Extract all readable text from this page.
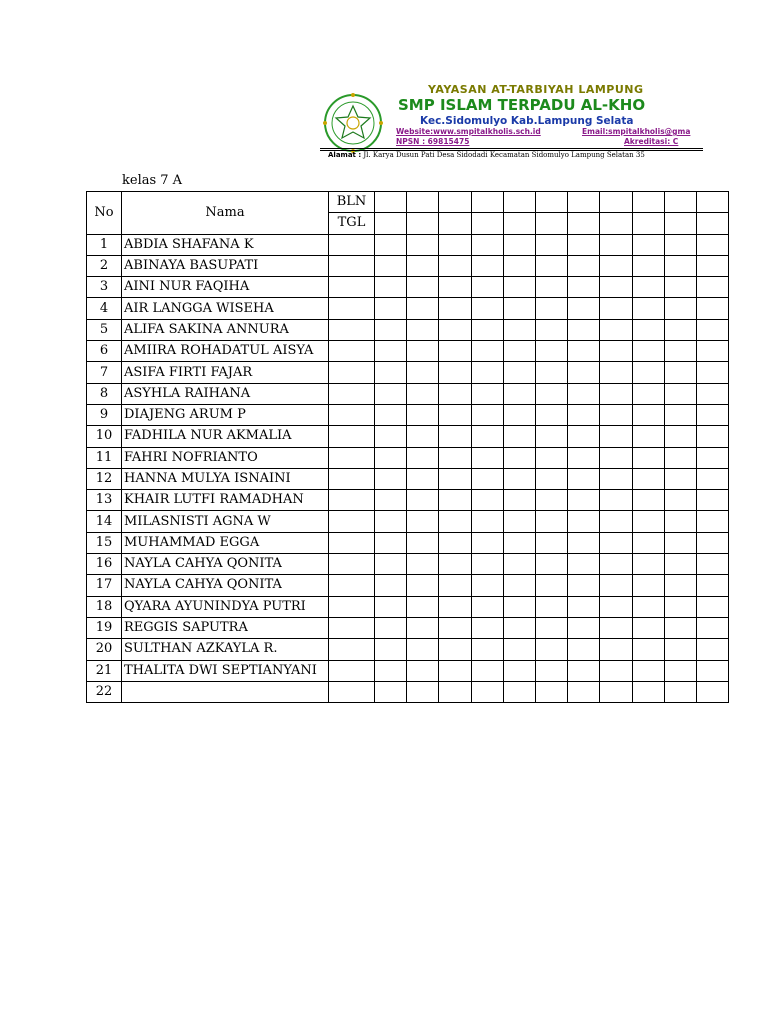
YAYASAN AT-TARBIYAH LAMPUNG
SMP ISLAM TERPADU AL-KHO
Kec.Sidomulyo Kab.Lampung Selata
Website:www.smpitalkholis.sch.id	Email:smpitalkholis@gma
NPSN : 69815475	Akreditasi: C
Alamat : Jl. Karya Dusun Pati Desa Sidodadi Kecamatan Sidomulyo Lampung Selatan 35
kelas 7 A
No	Nama	BLN											
		TGL											
1	ABDIA SHAFANA K												
2	ABINAYA BASUPATI												
3	AINI NUR FAQIHA												
4	AIR LANGGA WISEHA												
5	ALIFA SAKINA ANNURA												
6	AMIIRA ROHADATUL AISYA												
7	ASIFA FIRTI FAJAR												
8	ASYHLA RAIHANA												
9	DIAJENG ARUM P												
10	FADHILA NUR AKMALIA												
11	FAHRI NOFRIANTO												
12	HANNA MULYA ISNAINI												
13	KHAIR LUTFI RAMADHAN												
14	MILASNISTI AGNA W												
15	MUHAMMAD EGGA												
16	NAYLA CAHYA QONITA												
17	NAYLA CAHYA QONITA												
18	QYARA AYUNINDYA PUTRI												
19	REGGIS SAPUTRA												
20	SULTHAN AZKAYLA R.												
21	THALITA DWI SEPTIANYANI												
22													
